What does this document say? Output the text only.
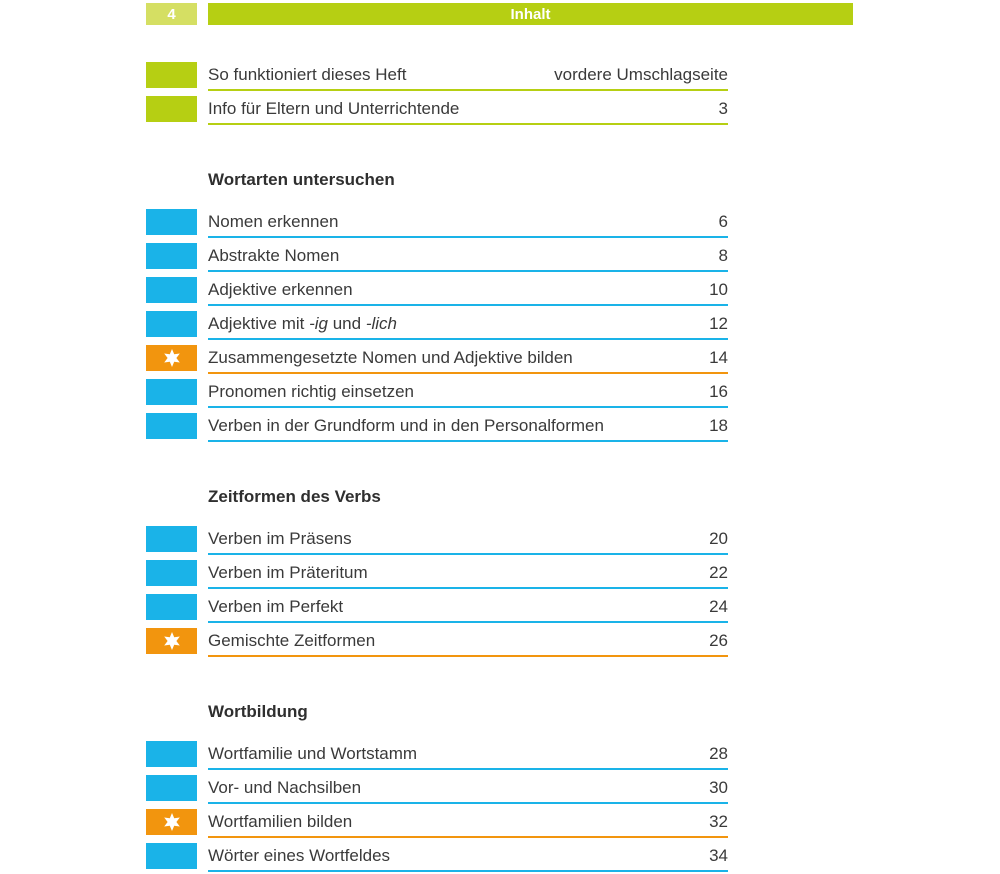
4	Inhalt
So funktioniert dieses Heft	vordere Umschlagseite
Info für Eltern und Unterrichtende	3
Wortarten untersuchen
Nomen erkennen	6
Abstrakte Nomen	8
Adjektive erkennen	10
Adjektive mit -ig und -lich	12
Zusammengesetzte Nomen und Adjektive bilden	14
Pronomen richtig einsetzen	16
Verben in der Grundform und in den Personalformen	18
Zeitformen des Verbs
Verben im Präsens	20
Verben im Präteritum	22
Verben im Perfekt	24
Gemischte Zeitformen	26
Wortbildung
Wortfamilie und Wortstamm	28
Vor- und Nachsilben	30
Wortfamilien bilden	32
Wörter eines Wortfeldes	34
